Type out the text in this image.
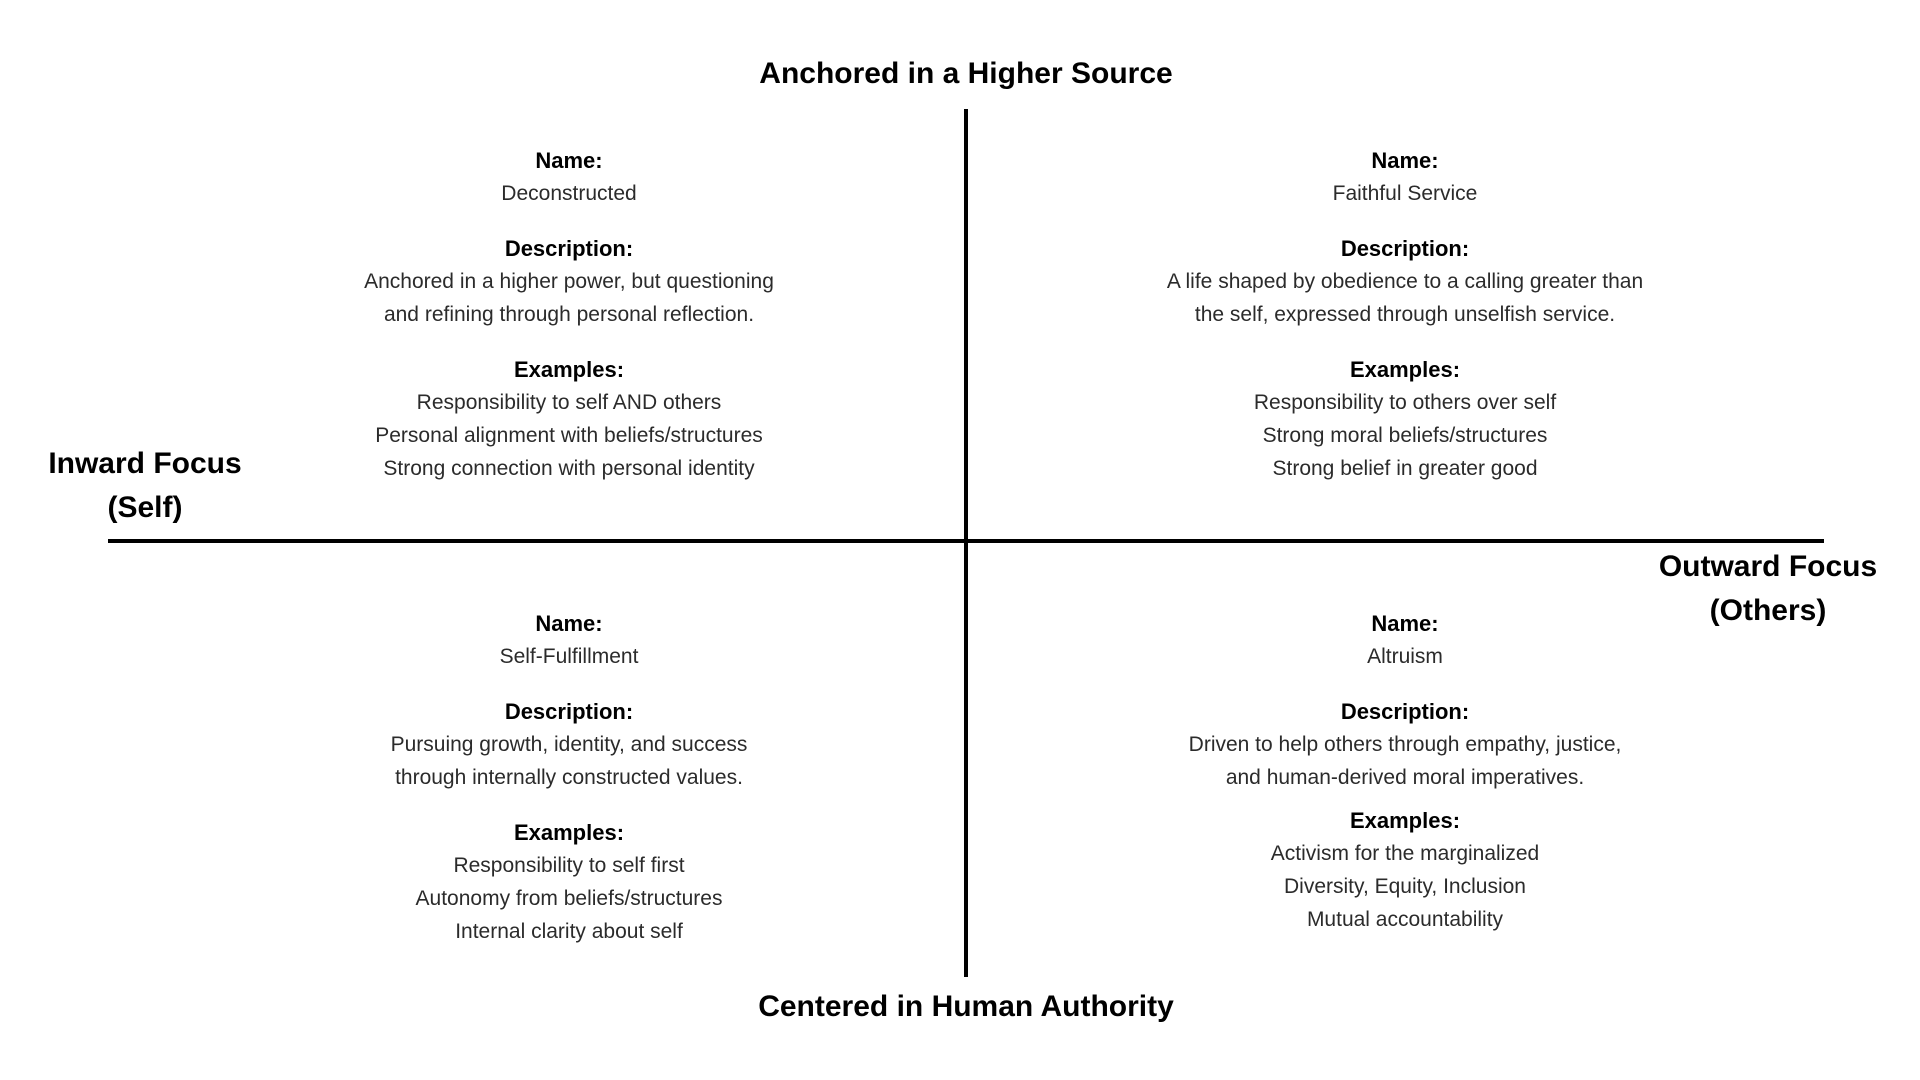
Anchored in a Higher Source
Centered in Human Authority
Inward Focus
(Self)
Outward Focus
(Others)
Name:
Deconstructed
Description:
Anchored in a higher power, but questioning
and refining through personal reflection.
Examples:
Responsibility to self AND others
Personal alignment with beliefs/structures
Strong connection with personal identity
Name:
Faithful Service
Description:
A life shaped by obedience to a calling greater than
the self, expressed through unselfish service.
Examples:
Responsibility to others over self
Strong moral beliefs/structures
Strong belief in greater good
Name:
Self-Fulfillment
Description:
Pursuing growth, identity, and success
through internally constructed values.
Examples:
Responsibility to self first
Autonomy from beliefs/structures
Internal clarity about self
Name:
Altruism
Description:
Driven to help others through empathy, justice,
and human-derived moral imperatives.
Examples:
Activism for the marginalized
Diversity, Equity, Inclusion
Mutual accountability
